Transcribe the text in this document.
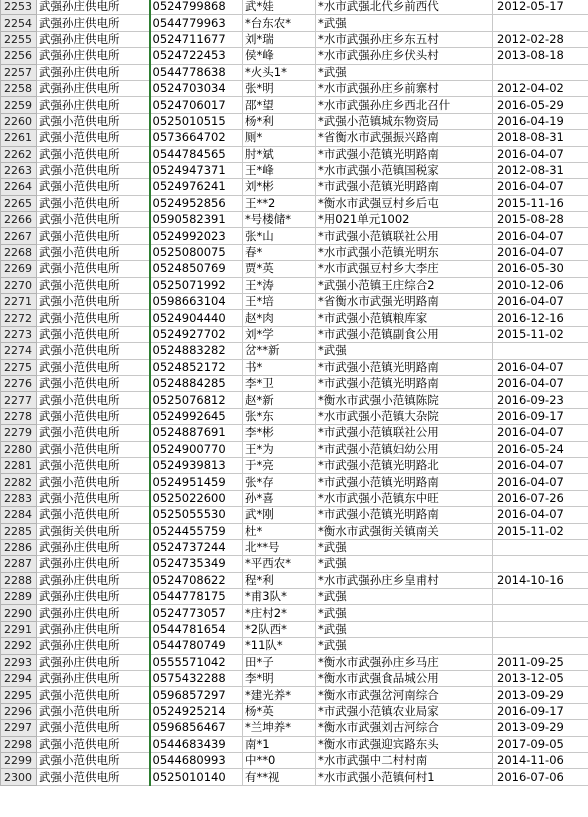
2253	武强孙庄供电所	0524799868	武*娃	*水市武强北代乡前西代	2012-05-17
2254	武强孙庄供电所	0544779963	*台东农*	*武强	
2255	武强孙庄供电所	0524711677	刘*瑞	*水市武强孙庄乡东五村	2012-02-28
2256	武强孙庄供电所	0524722453	侯*峰	*水市武强孙庄乡伏头村	2013-08-18
2257	武强孙庄供电所	0544778638	*火头1*	*武强	
2258	武强孙庄供电所	0524703034	张*明	*水市武强孙庄乡前寨村	2012-04-02
2259	武强孙庄供电所	0524706017	邵*望	*水市武强孙庄乡西北召什	2016-05-29
2260	武强小范供电所	0525010515	杨*利	*武强小范镇城东物资局	2016-04-19
2261	武强小范供电所	0573664702	厕*	*省衡水市武强振兴路南	2018-08-31
2262	武强小范供电所	0544784565	肘*斌	*市武强小范镇光明路南	2016-04-07
2263	武强小范供电所	0524947371	王*峰	*水市武强小范镇国税家	2012-08-31
2264	武强小范供电所	0524976241	刘*彬	*市武强小范镇光明路南	2016-04-07
2265	武强小范供电所	0524952856	王**2	*衡水市武强豆村乡后屯	2015-11-16
2266	武强小范供电所	0590582391	*号楼储*	*用021单元1002	2015-08-28
2267	武强小范供电所	0524992023	张*山	*市武强小范镇联社公用	2016-04-07
2268	武强小范供电所	0525080075	春*	*水市武强小范镇光明东	2016-04-07
2269	武强小范供电所	0524850769	贾*英	*水市武强豆村乡大李庄	2016-05-30
2270	武强小范供电所	0525071992	王*涛	*武强小范镇王庄综合2	2010-12-06
2271	武强小范供电所	0598663104	王*培	*省衡水市武强光明路南	2016-04-07
2272	武强小范供电所	0524904440	赵*肉	*市武强小范镇粮库家	2016-12-16
2273	武强小范供电所	0524927702	刘*学	*市武强小范镇副食公用	2015-11-02
2274	武强小范供电所	0524883282	岔**新	*武强	
2275	武强小范供电所	0524852172	书*	*市武强小范镇光明路南	2016-04-07
2276	武强小范供电所	0524884285	李*卫	*市武强小范镇光明路南	2016-04-07
2277	武强小范供电所	0525076812	赵*新	*衡水市武强小范镇陈院	2016-09-23
2278	武强小范供电所	0524992645	张*东	*水市武强小范镇大杂院	2016-09-17
2279	武强小范供电所	0524887691	李*彬	*市武强小范镇联社公用	2016-04-07
2280	武强小范供电所	0524900770	王*为	*市武强小范镇妇幼公用	2016-05-24
2281	武强小范供电所	0524939813	于*亮	*市武强小范镇光明路北	2016-04-07
2282	武强小范供电所	0524951459	张*存	*市武强小范镇光明路南	2016-04-07
2283	武强小范供电所	0525022600	孙*喜	*水市武强小范镇东中旺	2016-07-26
2284	武强小范供电所	0525055530	武*刚	*市武强小范镇光明路南	2016-04-07
2285	武强街关供电所	0524455759	杜*	*衡水市武强街关镇南关	2015-11-02
2286	武强孙庄供电所	0524737244	北**号	*武强	
2287	武强孙庄供电所	0524735349	*平西农*	*武强	
2288	武强孙庄供电所	0524708622	程*利	*水市武强孙庄乡皇甫村	2014-10-16
2289	武强孙庄供电所	0544778175	*甫3队*	*武强	
2290	武强孙庄供电所	0524773057	*庄村2*	*武强	
2291	武强孙庄供电所	0544781654	*2队西*	*武强	
2292	武强孙庄供电所	0544780749	*11队*	*武强	
2293	武强孙庄供电所	0555571042	田*子	*衡水市武强孙庄乡马庄	2011-09-25
2294	武强孙庄供电所	0575432288	李*明	*衡水市武强食品城公用	2013-12-05
2295	武强小范供电所	0596857297	*建光养*	*衡水市武强岔河南综合	2013-09-29
2296	武强小范供电所	0524925214	杨*英	*市武强小范镇农业局家	2016-09-17
2297	武强小范供电所	0596856467	*兰坤养*	*衡水市武强刘古河综合	2013-09-29
2298	武强小范供电所	0544683439	南*1	*衡水市武强迎宾路东头	2017-09-05
2299	武强小范供电所	0544680993	中**0	*水市武强中二村村南	2014-11-06
2300	武强小范供电所	0525010140	有**视	*水市武强小范镇何村1	2016-07-06
